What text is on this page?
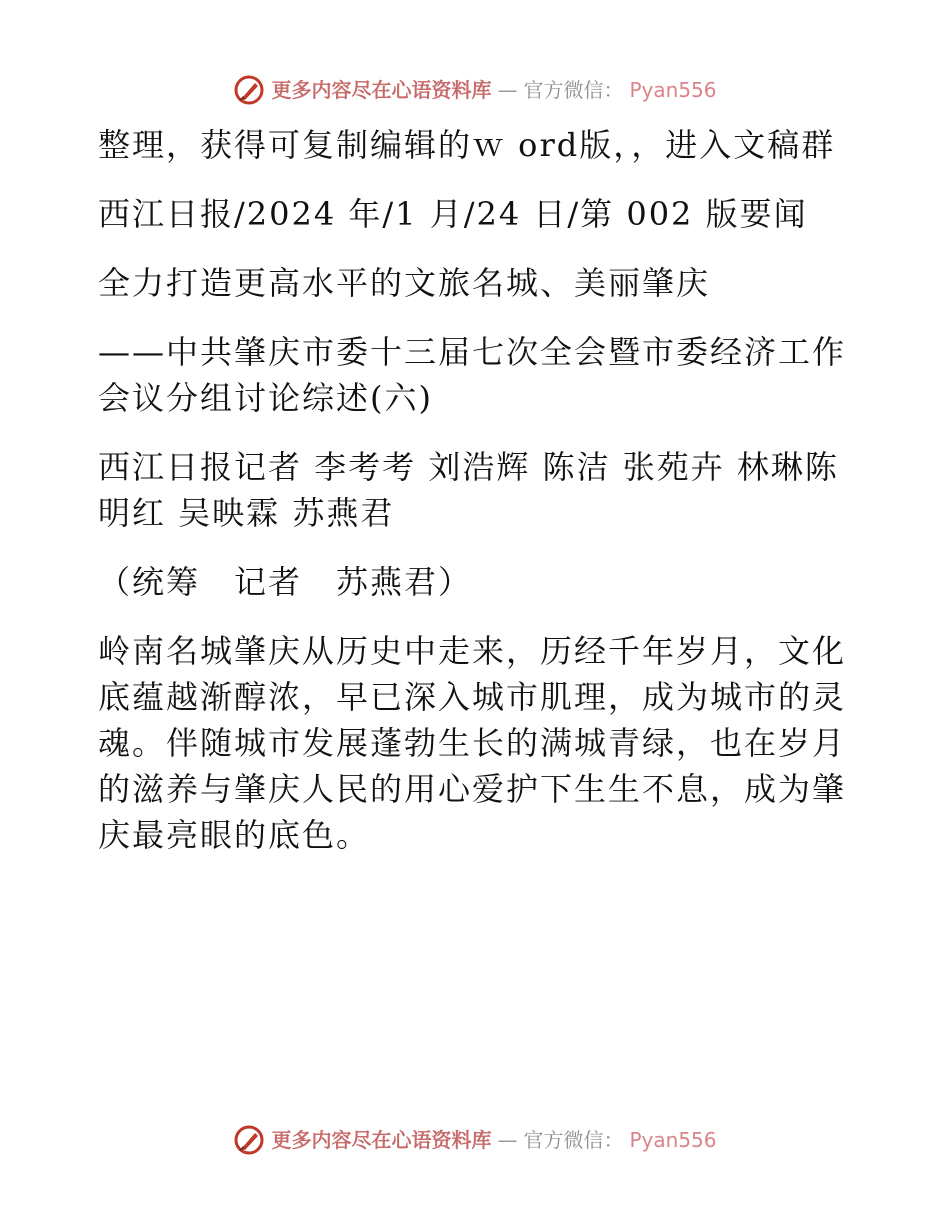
更多内容尽在心语资料库 — 官方微信： Pyan556

整理，获得可复制编辑的ｗ ord版，，进入文稿群

西江日报/2024 年/1 月/24 日/第 002 版要闻

全力打造更高水平的文旅名城、美丽肇庆

——中共肇庆市委十三届七次全会暨市委经济工作会议分组讨论综述(六)

西江日报记者 李考考 刘浩辉 陈洁 张苑卉 林琳陈明红 吴映霖 苏燕君

（统筹　记者　苏燕君）

岭南名城肇庆从历史中走来，历经千年岁月，文化底蕴越渐醇浓，早已深入城市肌理，成为城市的灵魂。伴随城市发展蓬勃生长的满城青绿，也在岁月的滋养与肇庆人民的用心爱护下生生不息，成为肇庆最亮眼的底色。

更多内容尽在心语资料库 — 官方微信： Pyan556
